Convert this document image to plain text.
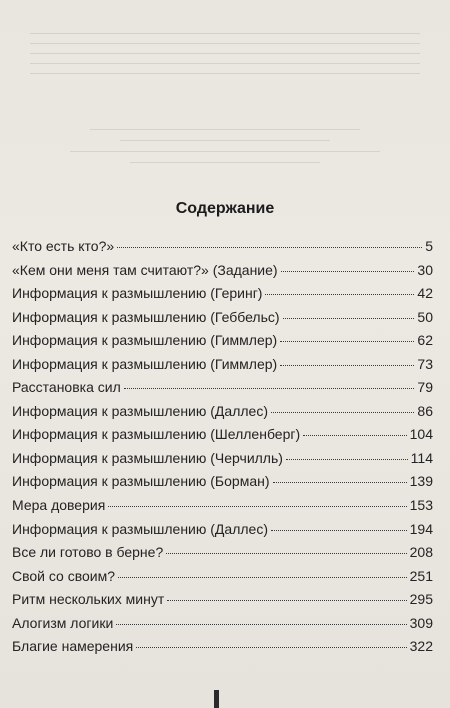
Содержание
«Кто есть кто?»	5
«Кем они меня там считают?» (Задание)	30
Информация к размышлению (Геринг)	42
Информация к размышлению (Геббельс)	50
Информация к размышлению (Гиммлер)	62
Информация к размышлению (Гиммлер)	73
Расстановка сил	79
Информация к размышлению (Даллес)	86
Информация к размышлению (Шелленберг)	104
Информация к размышлению (Черчилль)	114
Информация к размышлению (Борман)	139
Мера доверия	153
Информация к размышлению (Даллес)	194
Все ли готово в берне?	208
Свой со своим?	251
Ритм нескольких минут	295
Алогизм логики	309
Благие намерения	322
